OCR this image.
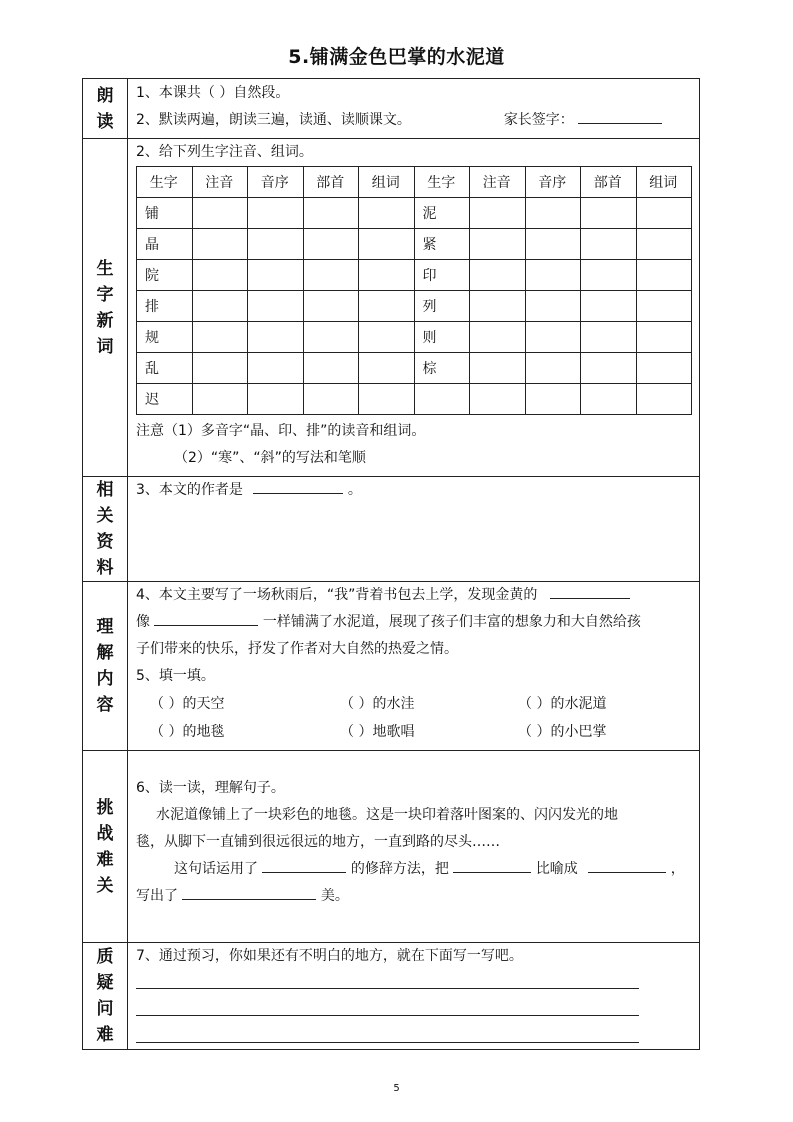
5.铺满金色巴掌的水泥道
朗
读

1、本课共（ ）自然段。
2、默读两遍，朗读三遍，读通、读顺课文。	家长签字：

生
字
新
词

2、给下列生字注音、组词。
生字	注音	音序	部首	组词	生字	注音	音序	部首	组词
铺					泥				
晶					紧				
院					印				
排					列				
规					则				
乱					棕				
迟									
注意（1）多音字“晶、印、排”的读音和组词。
（2）“寒”、“斜”的写法和笔顺

相
关
资
料

3、本文的作者是	。

理
解
内
容

4、本文主要写了一场秋雨后，“我”背着书包去上学，发现金黄的
像	一样铺满了水泥道，展现了孩子们丰富的想象力和大自然给孩
子们带来的快乐，抒发了作者对大自然的热爱之情。
5、填一填。
（ ）的天空	（ ）的水洼	（ ）的水泥道
（ ）的地毯	（ ）地歌唱	（ ）的小巴掌

挑
战
难
关

6、读一读，理解句子。
水泥道像铺上了一块彩色的地毯。这是一块印着落叶图案的、闪闪发光的地
毯，从脚下一直铺到很远很远的地方，一直到路的尽头……
这句话运用了	的修辞方法，把	比喻成	，
写出了	美。

质
疑
问
难

7、通过预习，你如果还有不明白的地方，就在下面写一写吧。
5
